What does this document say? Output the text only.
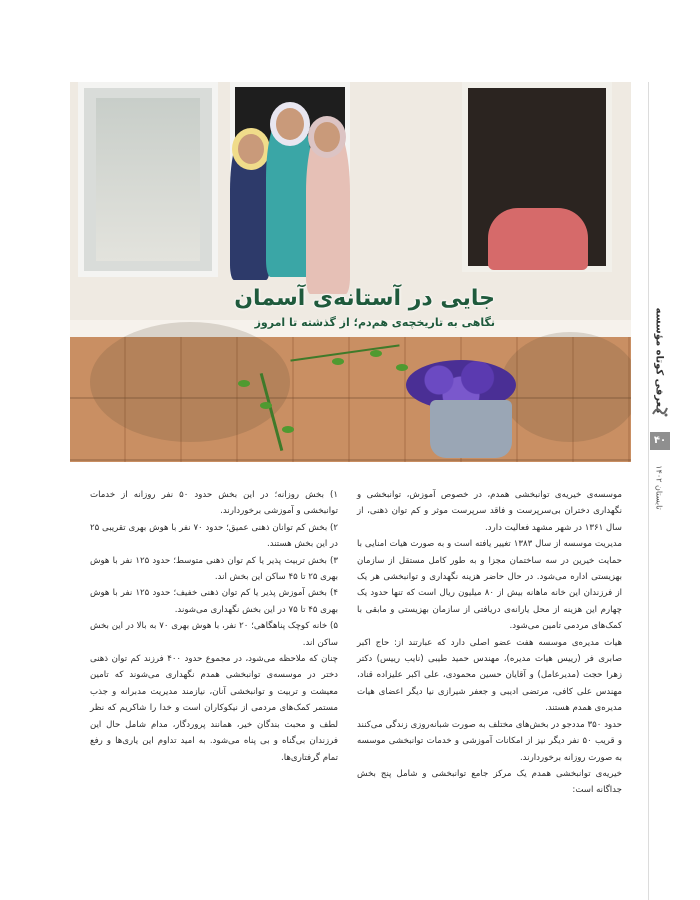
جایی در آستانه‌ی آسمان
نگاهی به تاریخچه‌ی هم‌دم؛ از گذشته تا امروز	معرفی کوتاه مؤسسه
۴۰
تابستان ۱۴۰۲

موسسه‌ی خیریه‌ی توانبخشی همدم، در خصوص آموزش، توانبخشی و نگهداری دختران بی‌سرپرست و فاقد سرپرست موثر و کم توان ذهنی، از سال ۱۳۶۱ در شهر مشهد فعالیت دارد.

مدیریت موسسه از سال ۱۳۸۳ تغییر یافته است و به صورت هیات امنایی با حمایت خیرین در سه ساختمان مجزا و به طور کامل مستقل از سازمان بهزیستی اداره می‌شود. در حال حاضر هزینه نگهداری و توانبخشی هر یک از فرزندان این خانه ماهانه بیش از ۸۰ میلیون ریال است که تنها حدود یک چهارم این هزینه از محل یارانه‌ی دریافتی از سازمان بهزیستی و مابقی با کمک‌های مردمی تامین می‌شود.

هیات مدیره‌ی موسسه هفت عضو اصلی دارد که عبارتند از: حاج اکبر صابری فر (رییس هیات مدیره)، مهندس حمید طیبی (نایب رییس) دکتر زهرا حجت (مدیرعامل) و آقایان حسین محمودی، علی اکبر علیزاده قناد، مهندس علی کافی، مرتضی ادیبی و جعفر شیرازی نیا دیگر اعضای هیات مدیره‌ی همدم هستند.

حدود ۳۵۰ مددجو در بخش‌های مختلف به صورت شبانه‌روزی زندگی می‌کنند و قریب ۵۰ نفر دیگر نیز از امکانات آموزشی و خدمات توانبخشی موسسه به صورت روزانه برخوردارند.

خیریه‌ی توانبخشی همدم یک مرکز جامع توانبخشی و شامل پنج بخش جداگانه است:

۱) بخش روزانه؛ در این بخش حدود ۵۰ نفر روزانه از خدمات توانبخشی و آموزشی برخوردارند.

۲) بخش کم توانان ذهنی عمیق؛ حدود ۷۰ نفر با هوش بهری تقریبی ۲۵ در این بخش هستند.

۳) بخش تربیت پذیر یا کم توان ذهنی متوسط؛ حدود ۱۲۵ نفر با هوش بهری ۲۵ تا ۴۵ ساکن این بخش اند.

۴) بخش آموزش پذیر یا کم توان ذهنی خفیف؛ حدود ۱۲۵ نفر با هوش بهری ۴۵ تا ۷۵ در این بخش نگهداری می‌شوند.

۵) خانه کوچک پناهگاهی؛ ۲۰ نفر، با هوش بهری ۷۰ به بالا در این بخش ساکن اند.

چنان که ملاحظه می‌شود، در مجموع حدود ۴۰۰ فرزند کم توان ذهنی دختر در موسسه‌ی توانبخشی همدم نگهداری می‌شوند که تامین معیشت و تربیت و توانبخشی آنان، نیازمند مدیریت مدبرانه و جذب مستمر کمک‌های مردمی از نیکوکاران است و خدا را شاکریم که نظر لطف و محبت بندگان خیر، همانند پروردگار، مدام شامل حال این فرزندان بی‌گناه و بی پناه می‌شود. به امید تداوم این یاری‌ها و رفع تمام گرفتاری‌ها.
